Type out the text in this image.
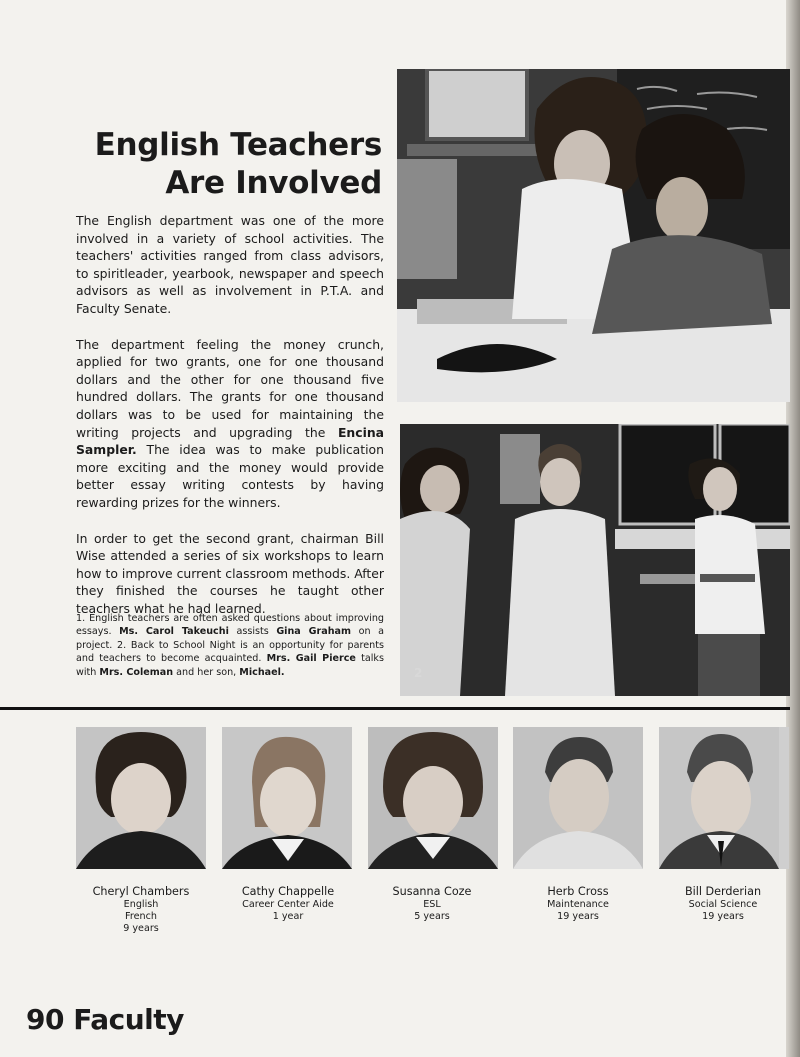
English Teachers
Are Involved

The English department was one of the more involved in a variety of school activities. The teachers' activities ranged from class advisors, to spiritleader, yearbook, newspaper and speech advisors as well as involvement in P.T.A. and Faculty Senate.

The department feeling the money crunch, applied for two grants, one for one thousand dollars and the other for one thousand five hundred dollars. The grants for one thousand dollars was to be used for maintaining the writing projects and upgrading the Encina Sampler. The idea was to make publication more exciting and the money would provide better essay writing contests by having rewarding prizes for the winners.

In order to get the second grant, chairman Bill Wise attended a series of six workshops to learn how to improve current classroom methods. After they finished the courses he taught other teachers what he had learned.

1. English teachers are often asked questions about improving essays. Ms. Carol Takeuchi assists Gina Graham on a project. 2. Back to School Night is an opportunity for parents and teachers to become acquainted. Mrs. Gail Pierce talks with Mrs. Coleman and her son, Michael.	2
Cheryl Chambers
English
French
9 years
Cathy Chappelle
Career Center Aide
1 year
Susanna Coze
ESL
5 years
Herb Cross
Maintenance
19 years
Bill Derderian
Social Science
19 years
90 Faculty
